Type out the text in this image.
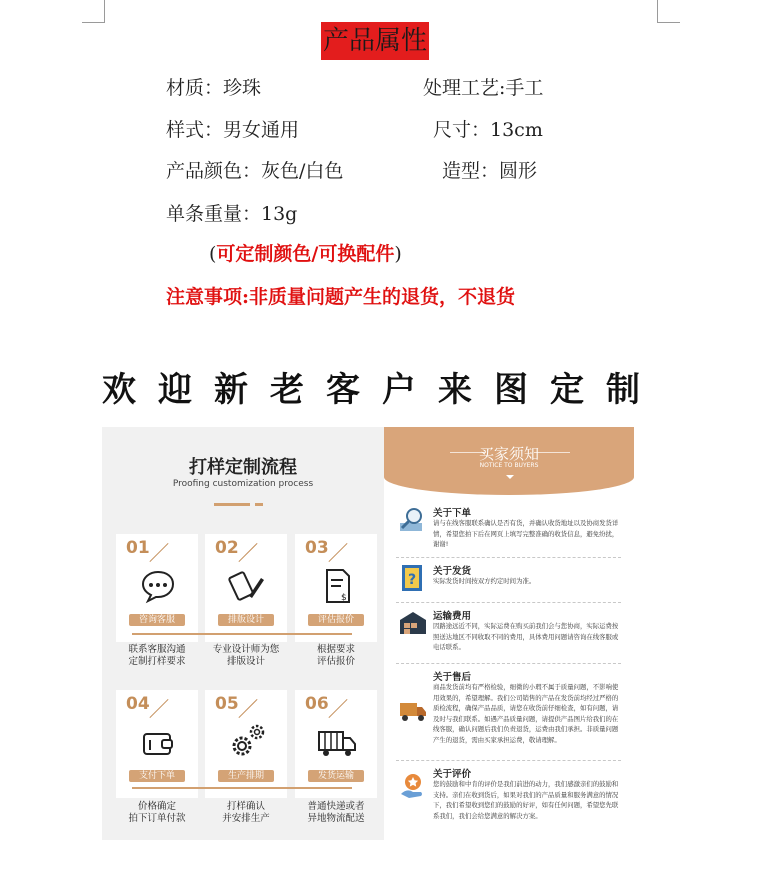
产品属性
材质：珍珠	处理工艺:手工
样式：男女通用	尺寸：13cm
产品颜色：灰色/白色	造型：圆形
单条重量：13g
(可定制颜色/可换配件)
注意事项:非质量问题产生的退货，不退货
欢迎新老客户来图定制
打样定制流程
Proofing customization process
01
咨询客服
02
排版设计
03
$
评估报价
联系客服沟通
定制打样要求
专业设计师为您
排版设计
根据要求
评估报价
04
支付下单
05
生产排期
06
发货运输
价格确定
拍下订单付款
打样确认
并安排生产
普通快递或者
异地物流配送
买家须知
NOTICE TO BUYERS
关于下单
请与在线客服联系确认是否有货，并确认收货地址以及协商发货详情，希望您拍下后在网页上填写完整准确的收货信息，避免纷扰，谢谢!
?
关于发货
实际发货时间按双方约定时间为准。
运输费用
因路途远近不同，实际运费在购买前我们会与您协商，实际运费按照送达地区不同收取不同的费用，具体费用问题请咨询在线客服或电话联系。
关于售后
商品发货前均有严格检验，细微的小瑕不属于质量问题，不影响使用效果的，希望理解。我们公司销售的产品在发货前均经过严格的质检流程，确保产品品质，请您在收货前仔细检查，如有问题，请及时与我们联系。如遇产品质量问题，请提供产品图片给我们的在线客服，确认问题后我们负责退货，运费由我们承担。非质量问题产生的退货，需由买家承担运费，敬请理解。
关于评价
您的鼓励和中肯的评价是我们前进的动力，我们感激亲们的鼓励和支持。亲们在收到货后，如果对我们的产品质量和服务满意的情况下，我们希望收到您们的鼓励的好评，如有任何问题，希望您先联系我们，我们会给您满意的解决方案。
